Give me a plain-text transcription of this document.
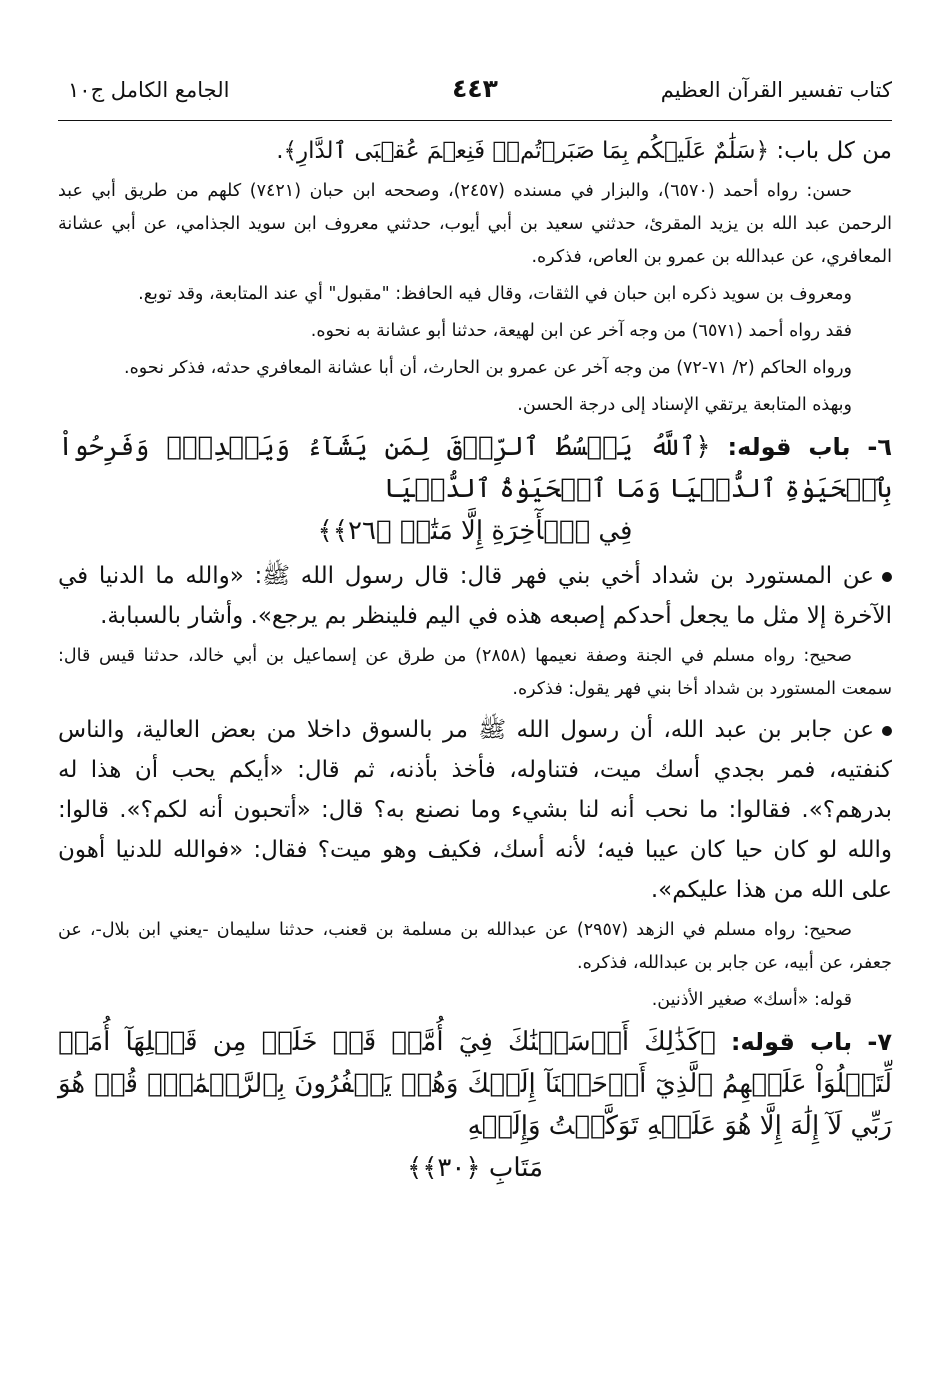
كتاب تفسير القرآن العظيم
٤٤٣
الجامع الكامل ج١٠

من كل باب: ﴿سَلَٰمٌ عَلَيۡكُم بِمَا صَبَرۡتُمۡۚ فَنِعۡمَ عُقۡبَى ٱلدَّارِ﴾.

حسن: رواه أحمد (٦٥٧٠)، والبزار في مسنده (٢٤٥٧)، وصححه ابن حبان (٧٤٢١) كلهم من طريق أبي عبد الرحمن عبد الله بن يزيد المقرئ، حدثني سعيد بن أبي أيوب، حدثني معروف ابن سويد الجذامي، عن أبي عشانة المعافري، عن عبدالله بن عمرو بن العاص، فذكره.

ومعروف بن سويد ذكره ابن حبان في الثقات، وقال فيه الحافظ: "مقبول" أي عند المتابعة، وقد توبع.

فقد رواه أحمد (٦٥٧١) من وجه آخر عن ابن لهيعة، حدثنا أبو عشانة به نحوه.

ورواه الحاكم (٢/ ٧١-٧٢) من وجه آخر عن عمرو بن الحارث، أن أبا عشانة المعافري حدثه، فذكر نحوه.

وبهذه المتابعة يرتقي الإسناد إلى درجة الحسن.

٦- باب قوله: ﴿ٱللَّهُ يَبۡسُطُ ٱلرِّزۡقَ لِمَن يَشَآءُ وَيَقۡدِرُۚ وَفَرِحُواْ بِٱلۡحَيَوٰةِ ٱلدُّنۡيَا وَمَا ٱلۡحَيَوٰةُ ٱلدُّنۡيَا

فِي ٱلۡأٓخِرَةِ إِلَّا مَتَٰعٞ ﴿٢٦﴾﴾

عن المستورد بن شداد أخي بني فهر قال: قال رسول الله ﷺ: «والله ما الدنيا في الآخرة إلا مثل ما يجعل أحدكم إصبعه هذه في اليم فلينظر بم يرجع». وأشار بالسبابة.

صحيح: رواه مسلم في الجنة وصفة نعيمها (٢٨٥٨) من طرق عن إسماعيل بن أبي خالد، حدثنا قيس قال: سمعت المستورد بن شداد أخا بني فهر يقول: فذكره.

عن جابر بن عبد الله، أن رسول الله ﷺ مر بالسوق داخلا من بعض العالية، والناس كنفتيه، فمر بجدي أسك ميت، فتناوله، فأخذ بأذنه، ثم قال: «أيكم يحب أن هذا له بدرهم؟». فقالوا: ما نحب أنه لنا بشيء وما نصنع به؟ قال: «أتحبون أنه لكم؟». قالوا: والله لو كان حيا كان عيبا فيه؛ لأنه أسك، فكيف وهو ميت؟ فقال: «فوالله للدنيا أهون على الله من هذا عليكم».

صحيح: رواه مسلم في الزهد (٢٩٥٧) عن عبدالله بن مسلمة بن قعنب، حدثنا سليمان -يعني ابن بلال-، عن جعفر، عن أبيه، عن جابر بن عبدالله، فذكره.

قوله: «أسك» صغير الأذنين.

٧- باب قوله: ﴿كَذَٰلِكَ أَرۡسَلۡنَٰكَ فِيٓ أُمَّةٖ قَدۡ خَلَتۡ مِن قَبۡلِهَآ أُمَمٞ لِّتَتۡلُوَاْ عَلَيۡهِمُ ٱلَّذِيٓ أَوۡحَيۡنَآ إِلَيۡكَ وَهُمۡ يَكۡفُرُونَ بِٱلرَّحۡمَٰنِۚ قُلۡ هُوَ رَبِّي لَآ إِلَٰهَ إِلَّا هُوَ عَلَيۡهِ تَوَكَّلۡتُ وَإِلَيۡهِ

مَتَابِ ﴿٣٠﴾﴾
